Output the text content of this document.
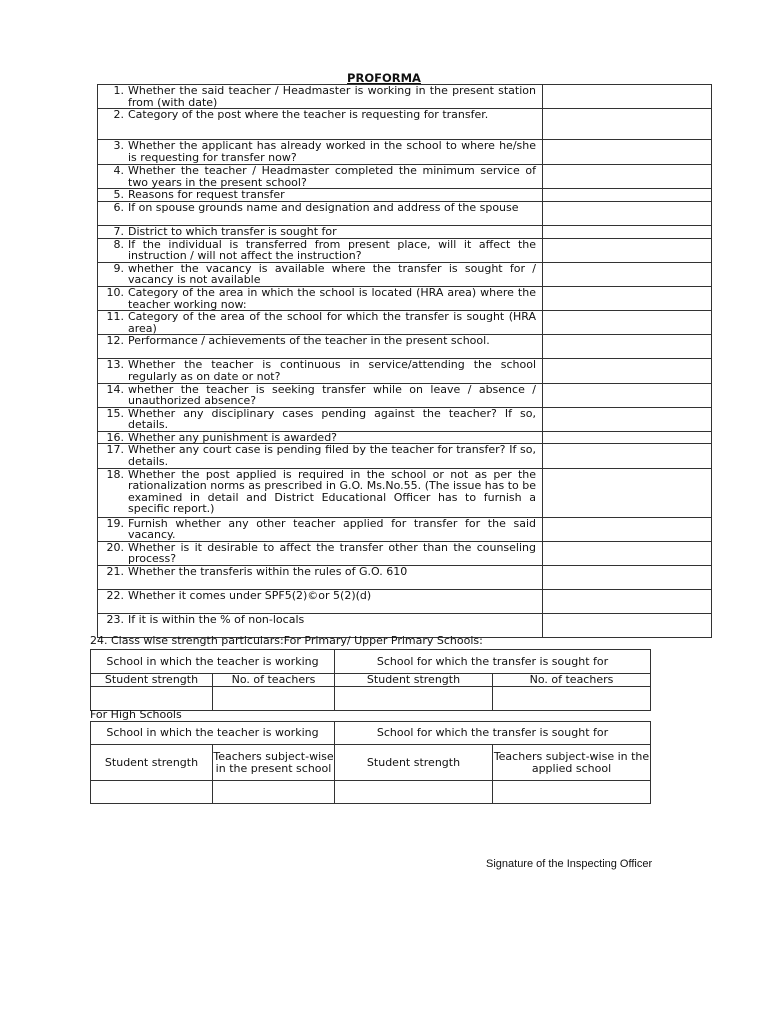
PROFORMA
1.	Whether the said teacher / Headmaster is working in the present station from (with date)	
2.	Category of the post where the teacher is requesting for transfer.	
3.	Whether the applicant has already worked in the school to where he/she is requesting for transfer now?	
4.	Whether the teacher / Headmaster completed the minimum service of two years in the present school?	
5.	Reasons for request transfer	
6.	If on spouse grounds name and designation and address of the spouse	
7.	District to which transfer is sought for	
8.	If the individual is transferred from present place, will it affect the instruction / will not affect the instruction?	
9.	whether the vacancy is available where the transfer is sought for / vacancy is not available	
10.	Category of the area in which the school is located (HRA area) where the teacher working now:	
11.	Category of the area of the school for which the transfer is sought (HRA area)	
12.	Performance / achievements of the teacher in the present school.	
13.	Whether the teacher is continuous in service/attending the school regularly as on date or not?	
14.	whether the teacher is seeking transfer while on leave / absence / unauthorized absence?	
15.	Whether any disciplinary cases pending against the teacher? If so, details.	
16.	Whether any punishment is awarded?	
17.	Whether any court case is pending filed by the teacher for transfer? If so, details.	
18.	Whether the post applied is required in the school or not as per the rationalization norms as prescribed in G.O. Ms.No.55. (The issue has to be examined in detail and District Educational Officer has to furnish a specific report.)	
19.	Furnish whether any other teacher applied for transfer for the said vacancy.	
20.	Whether is it desirable to affect the transfer other than the counseling process?	
21.	Whether the transferis within the rules of G.O. 610	
22.	Whether it comes under SPF5(2)©or 5(2)(d)	
23.	If it is within the % of non-locals	
24. Class wise strength particulars:For Primary/ Upper Primary Schools:
School in which the teacher is working		School for which the transfer is sought for	
Student strength	No. of teachers	Student strength	No. of teachers

For High Schools
School in which the teacher is working		School for which the transfer is sought for	
Student strength	Teachers subject-wise in the present school	Student strength	Teachers subject-wise in the applied school

Signature of the Inspecting Officer
